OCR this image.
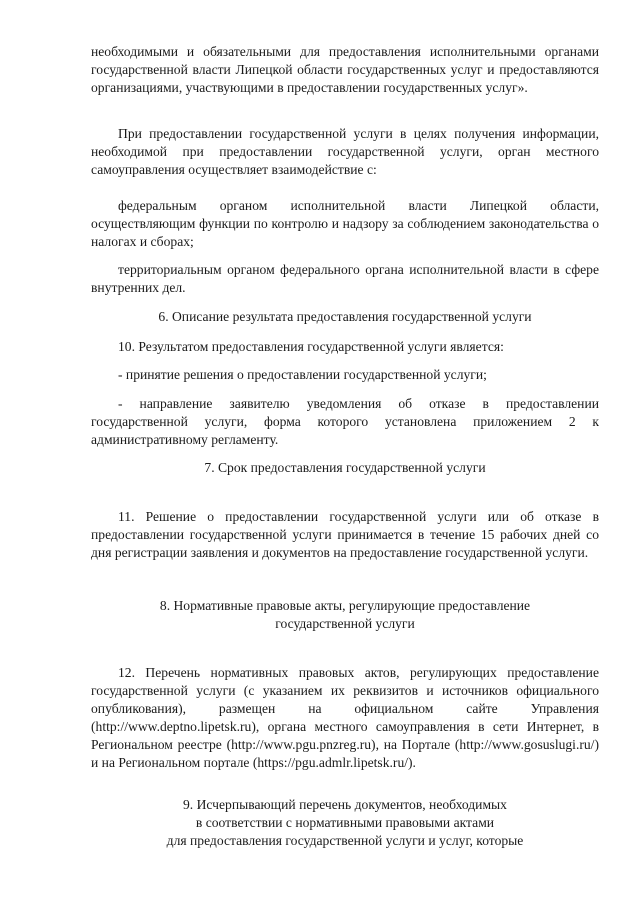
необходимыми и обязательными для предоставления исполнительными органами государственной власти Липецкой области государственных услуг и предоставляются организациями, участвующими в предоставлении государственных услуг».

При предоставлении государственной услуги в целях получения информации, необходимой при предоставлении государственной услуги, орган местного самоуправления осуществляет взаимодействие с:

федеральным органом исполнительной власти Липецкой области, осуществляющим функции по контролю и надзору за соблюдением законодательства о налогах и сборах;

территориальным органом федерального органа исполнительной власти в сфере внутренних дел.

6. Описание результата предоставления государственной услуги

10. Результатом предоставления государственной услуги является:

- принятие решения о предоставлении государственной услуги;

- направление заявителю уведомления об отказе в предоставлении государственной услуги, форма которого установлена приложением 2 к административному регламенту.

7. Срок предоставления государственной услуги

11. Решение о предоставлении государственной услуги или об отказе в предоставлении государственной услуги принимается в течение 15 рабочих дней со дня регистрации заявления и документов на предоставление государственной услуги.

8. Нормативные правовые акты, регулирующие предоставление

государственной услуги

12. Перечень нормативных правовых актов, регулирующих предоставление государственной услуги (с указанием их реквизитов и источников официального опубликования), размещен на официальном сайте Управления (http://www.deptno.lipetsk.ru), органа местного самоуправления в сети Интернет, в Региональном реестре (http://www.pgu.pnzreg.ru), на Портале (http://www.gosuslugi.ru/) и на Региональном портале (https://pgu.admlr.lipetsk.ru/).

9. Исчерпывающий перечень документов, необходимых

в соответствии с нормативными правовыми актами

для предоставления государственной услуги и услуг, которые
